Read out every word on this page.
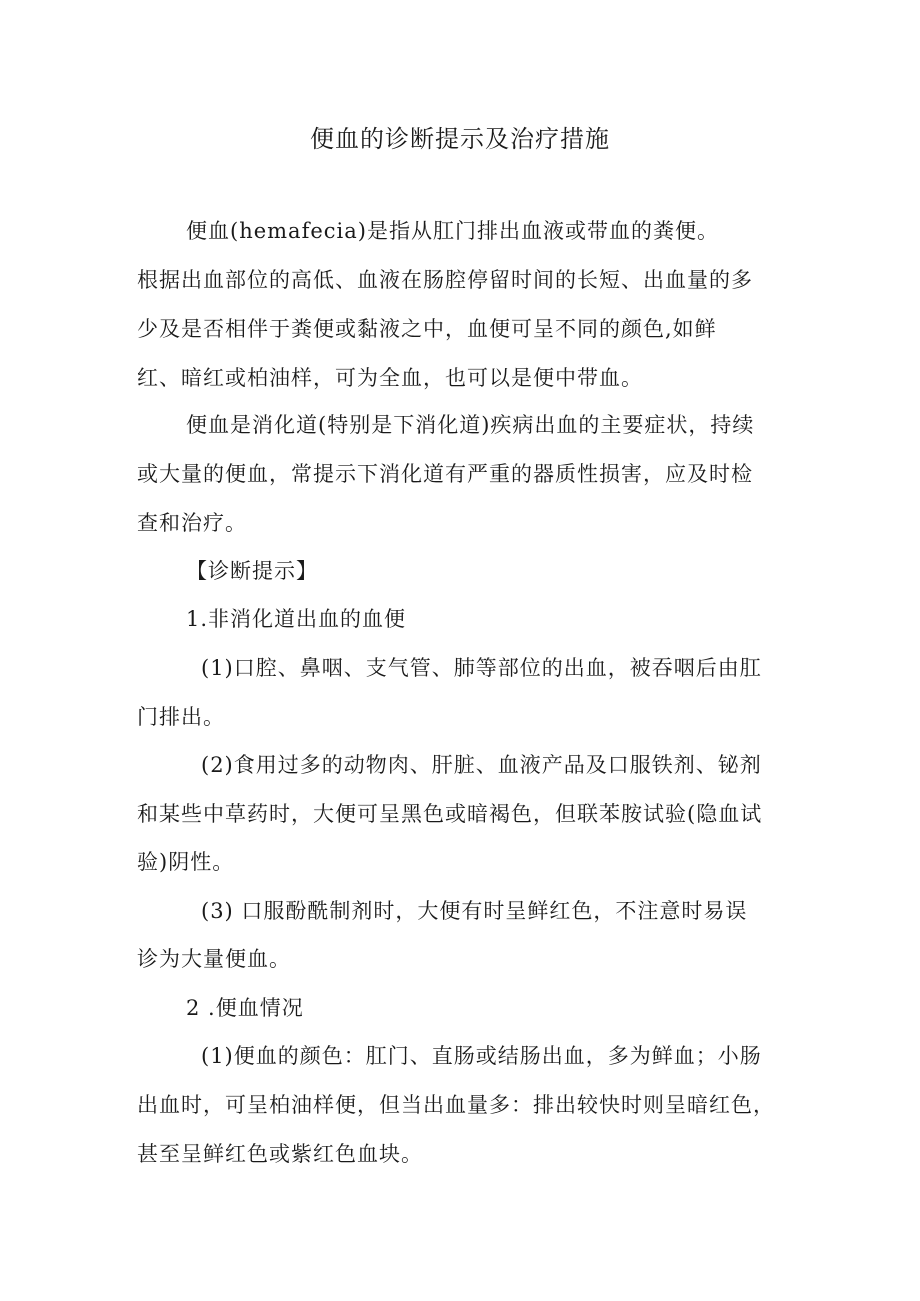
便血的诊断提示及治疗措施
便血(hemafecia)是指从肛门排出血液或带血的粪便。
根据出血部位的高低、血液在肠腔停留时间的长短、出血量的多
少及是否相伴于粪便或黏液之中，血便可呈不同的颜色,如鲜
红、暗红或柏油样，可为全血，也可以是便中带血。
便血是消化道(特别是下消化道)疾病出血的主要症状，持续
或大量的便血，常提示下消化道有严重的器质性损害，应及时检
查和治疗。
【诊断提示】
1.非消化道出血的血便
(1)口腔、鼻咽、支气管、肺等部位的出血，被吞咽后由肛
门排出。
(2)食用过多的动物肉、肝脏、血液产品及口服铁剂、铋剂
和某些中草药时，大便可呈黑色或暗褐色，但联苯胺试验(隐血试
验)阴性。
(3) 口服酚酰制剂时，大便有时呈鲜红色，不注意时易误
诊为大量便血。
2 .便血情况
(1)便血的颜色：肛门、直肠或结肠出血，多为鲜血；小肠
出血时，可呈柏油样便，但当出血量多：排出较快时则呈暗红色，
甚至呈鲜红色或紫红色血块。
